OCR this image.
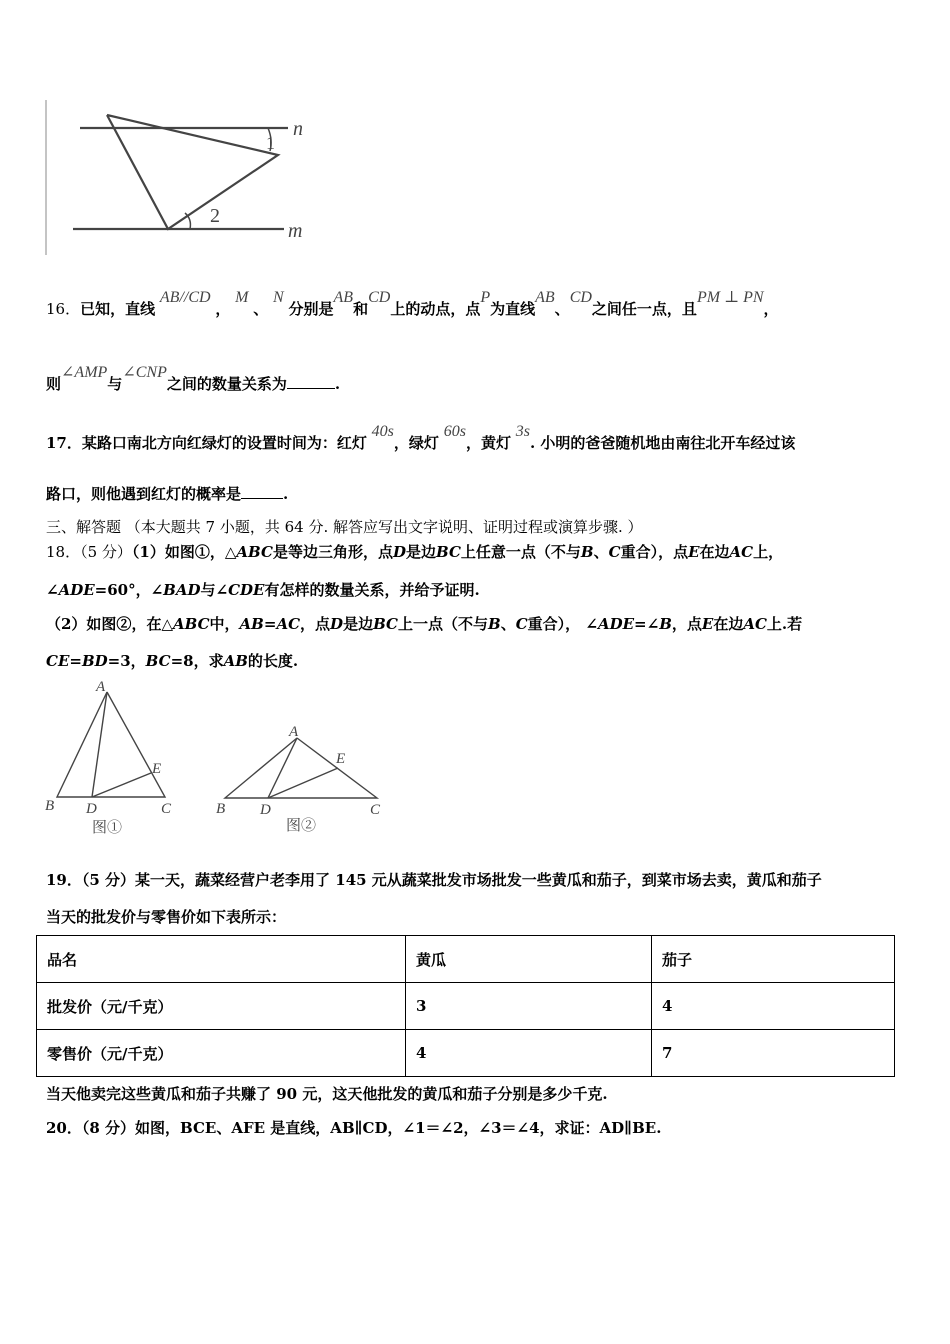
n
m
1
2
16．已知，直线 AB//CD ， M 、 N 分别是AB和CD上的动点，点P为直线AB、CD之间任一点，且PM ⊥ PN，
则∠AMP与∠CNP之间的数量关系为	.
17．某路口南北方向红绿灯的设置时间为：红灯 40s，绿灯 60s，黄灯 3s. 小明的爸爸随机地由南往北开车经过该
路口，则他遇到红灯的概率是	.
三、解答题 （本大题共 7 小题，共 64 分. 解答应写出文字说明、证明过程或演算步骤. ）
18．（5 分）（1）如图①，△ABC是等边三角形，点D是边BC上任意一点（不与B、C重合），点E在边AC上，
∠ADE=60°，∠BAD与∠CDE有怎样的数量关系，并给予证明.
（2）如图②，在△ABC中，AB=AC，点D是边BC上一点（不与B、C重合）， ∠ADE=∠B，点E在边AC上.若
CE=BD=3，BC=8，求AB的长度.
A
B D	C
E
图①
A
B D	C
E
图②
19．（5 分）某一天，蔬菜经营户老李用了 145 元从蔬菜批发市场批发一些黄瓜和茄子，到菜市场去卖，黄瓜和茄子
当天的批发价与零售价如下表所示：
品名	黄瓜	茄子
批发价（元/千克）	3	4
零售价（元/千克）	4	7
当天他卖完这些黄瓜和茄子共赚了 90 元，这天他批发的黄瓜和茄子分别是多少千克.
20．（8 分）如图，BCE、AFE 是直线，AB∥CD，∠1＝∠2，∠3＝∠4，求证：AD∥BE.
